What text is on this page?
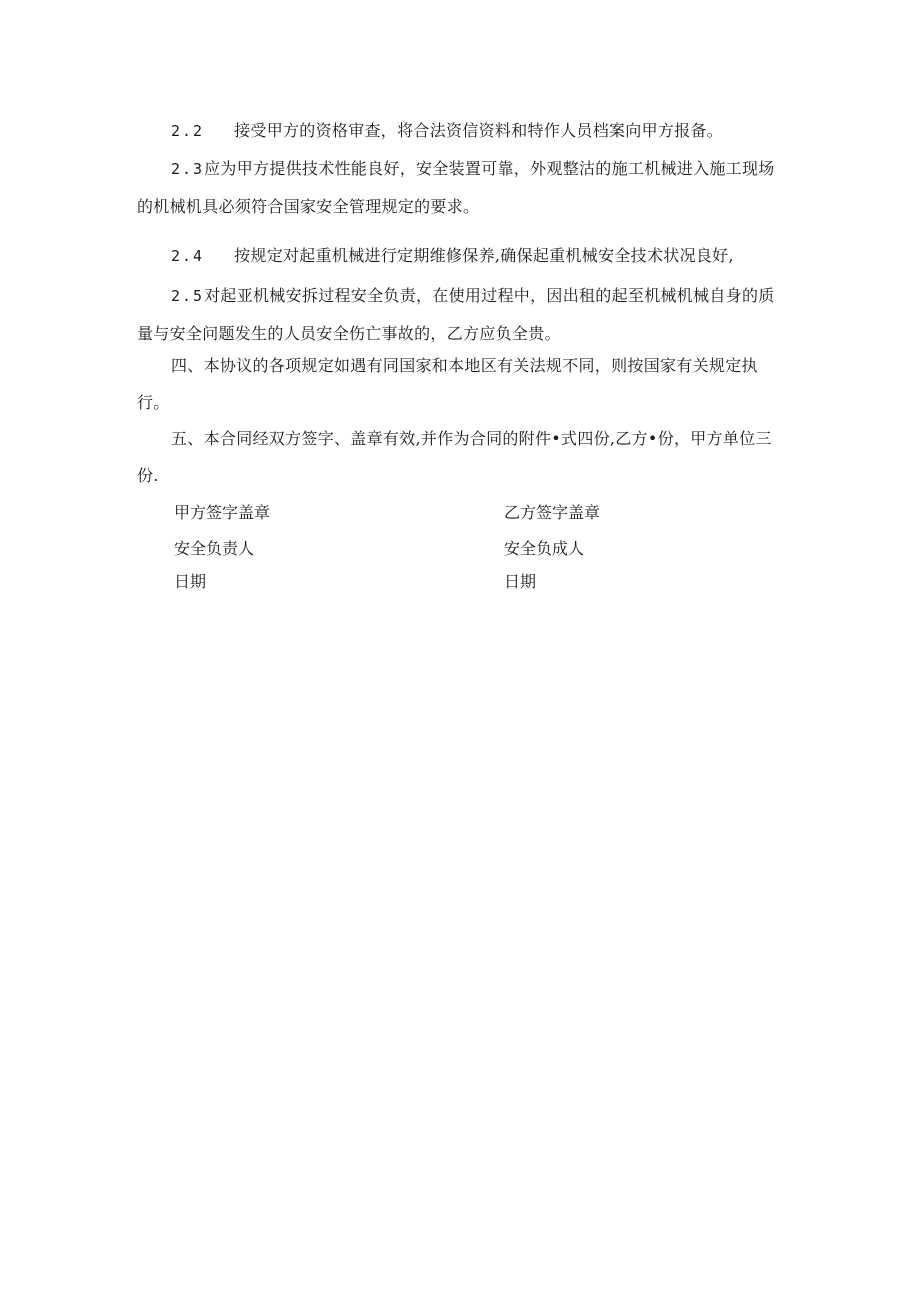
2.2 接受甲方的资格审查，将合法资信资料和特作人员档案向甲方报备。

2.3应为甲方提供技术性能良好，安全装置可靠，外观整沽的施工机械进入施工现场的机械机具必须符合国家安全管理规定的要求。

2.4 按规定对起重机械进行定期维修保养,确保起重机械安全技术状况良好,

2.5对起亚机械安拆过程安全负责，在使用过程中，因出租的起至机械机械自身的质量与安全问题发生的人员安全伤亡事故的，乙方应负全贵。

四、本协议的各项规定如遇有同国家和本地区有关法规不同，则按国家有关规定执行。

五、本合同经双方签字、盖章有效,并作为合同的附件•式四份,乙方•份，甲方单位三份.

甲方签字盖章	乙方签字盖章
安全负责人	安全负成人
日期	日期
